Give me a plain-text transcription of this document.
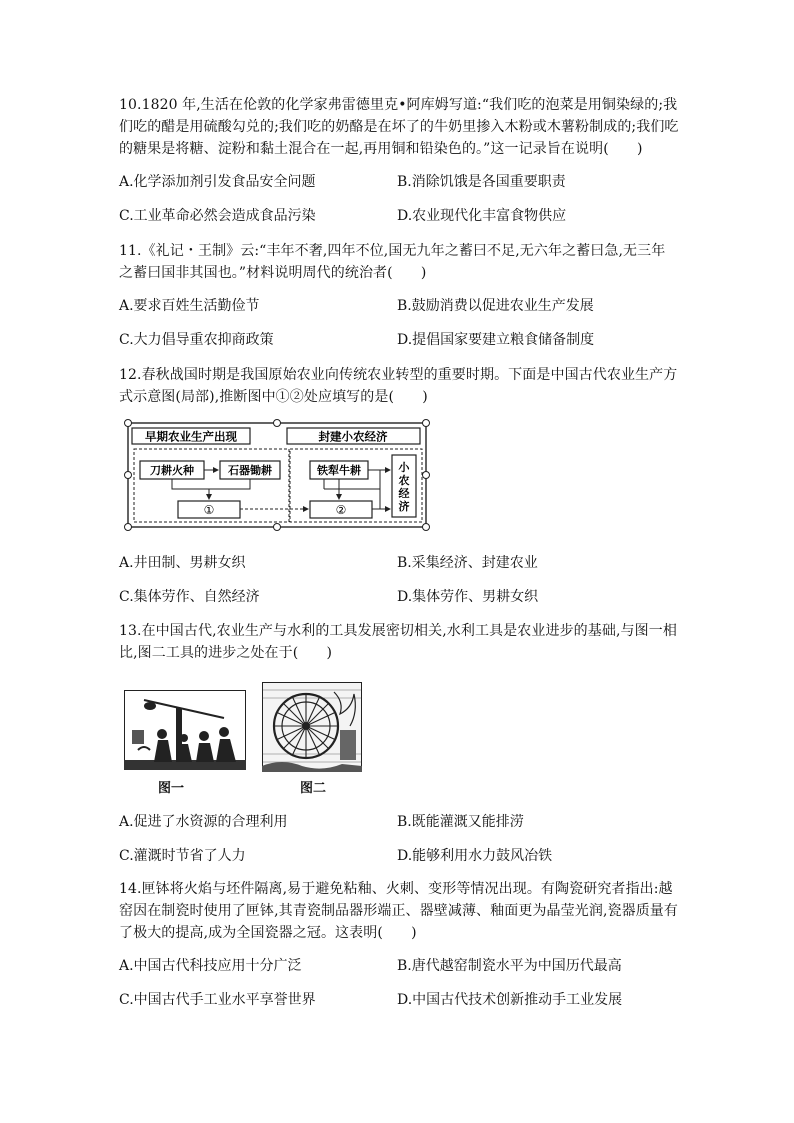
10.1820 年,生活在伦敦的化学家弗雷德里克•阿库姆写道:“我们吃的泡菜是用铜染绿的;我们吃的醋是用硫酸勾兑的;我们吃的奶酪是在坏了的牛奶里掺入木粉或木薯粉制成的;我们吃的糖果是将糖、淀粉和黏土混合在一起,再用铜和铅染色的。”这一记录旨在说明(　　)
A.化学添加剂引发食品安全问题	B.消除饥饿是各国重要职责
C.工业革命必然会造成食品污染	D.农业现代化丰富食物供应
11.《礼记・王制》云:“丰年不奢,四年不位,国无九年之蓄曰不足,无六年之蓄曰急,无三年之蓄曰国非其国也。”材料说明周代的统治者(　　)
A.要求百姓生活勤俭节	B.鼓励消费以促进农业生产发展
C.大力倡导重农抑商政策	D.提倡国家要建立粮食储备制度
12.春秋战国时期是我国原始农业向传统农业转型的重要时期。下面是中国古代农业生产方式示意图(局部),推断图中①②处应填写的是(　　)
早期农业生产出现	封建小农经济
刀耕火种	石器锄耕
①
铁犁牛耕
②
小
农
经
济
A.井田制、男耕女织	B.采集经济、封建农业
C.集体劳作、自然经济	D.集体劳作、男耕女织
13.在中国古代,农业生产与水利的工具发展密切相关,水利工具是农业进步的基础,与图一相比,图二工具的进步之处在于(　　)
图一	图二
A.促进了水资源的合理利用	B.既能灌溉又能排涝
C.灌溉时节省了人力	D.能够利用水力鼓风冶铁
14.匣钵将火焰与坯件隔离,易于避免粘釉、火刺、变形等情况出现。有陶瓷研究者指出:越窑因在制瓷时使用了匣钵,其青瓷制品器形端正、器壁减薄、釉面更为晶莹光润,瓷器质量有了极大的提高,成为全国瓷器之冠。这表明(　　)
A.中国古代科技应用十分广泛	B.唐代越窑制瓷水平为中国历代最高
C.中国古代手工业水平享誉世界	D.中国古代技术创新推动手工业发展
